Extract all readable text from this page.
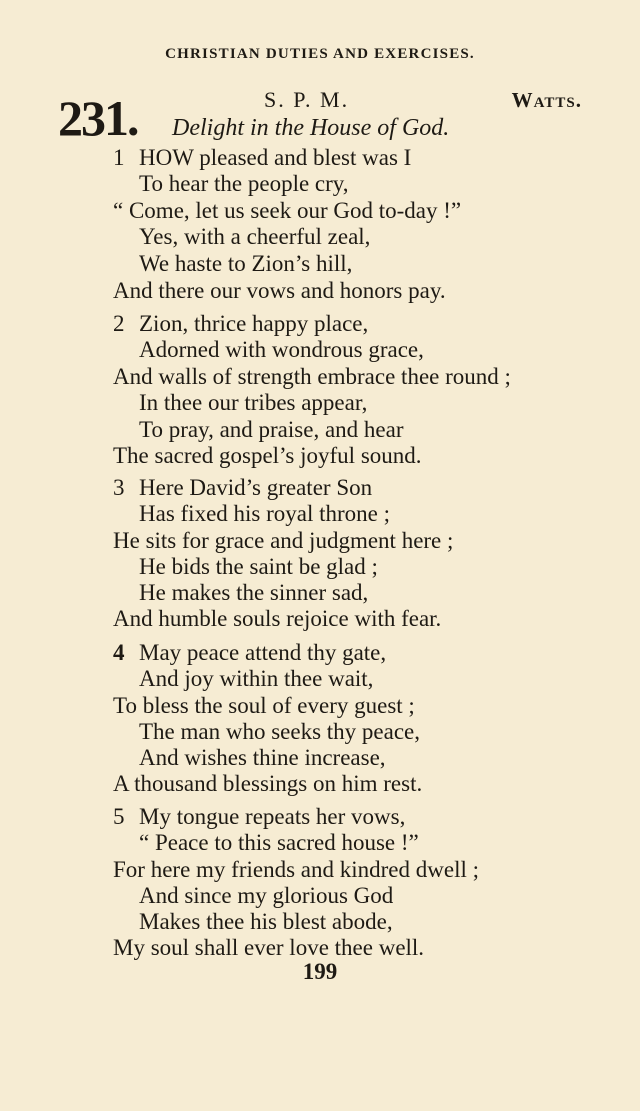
CHRISTIAN DUTIES AND EXERCISES.
231.	S. P. M.	Watts.
Delight in the House of God.
1 HOW pleased and blest was I
To hear the people cry,
“ Come, let us seek our God to-day !”
Yes, with a cheerful zeal,
We haste to Zion’s hill,
And there our vows and honors pay.
2 Zion, thrice happy place,
Adorned with wondrous grace,
And walls of strength embrace thee round ;
In thee our tribes appear,
To pray, and praise, and hear
The sacred gospel’s joyful sound.
3 Here David’s greater Son
Has fixed his royal throne ;
He sits for grace and judgment here ;
He bids the saint be glad ;
He makes the sinner sad,
And humble souls rejoice with fear.
4 May peace attend thy gate,
And joy within thee wait,
To bless the soul of every guest ;
The man who seeks thy peace,
And wishes thine increase,
A thousand blessings on him rest.
5 My tongue repeats her vows,
“ Peace to this sacred house !”
For here my friends and kindred dwell ;
And since my glorious God
Makes thee his blest abode,
My soul shall ever love thee well.
199
